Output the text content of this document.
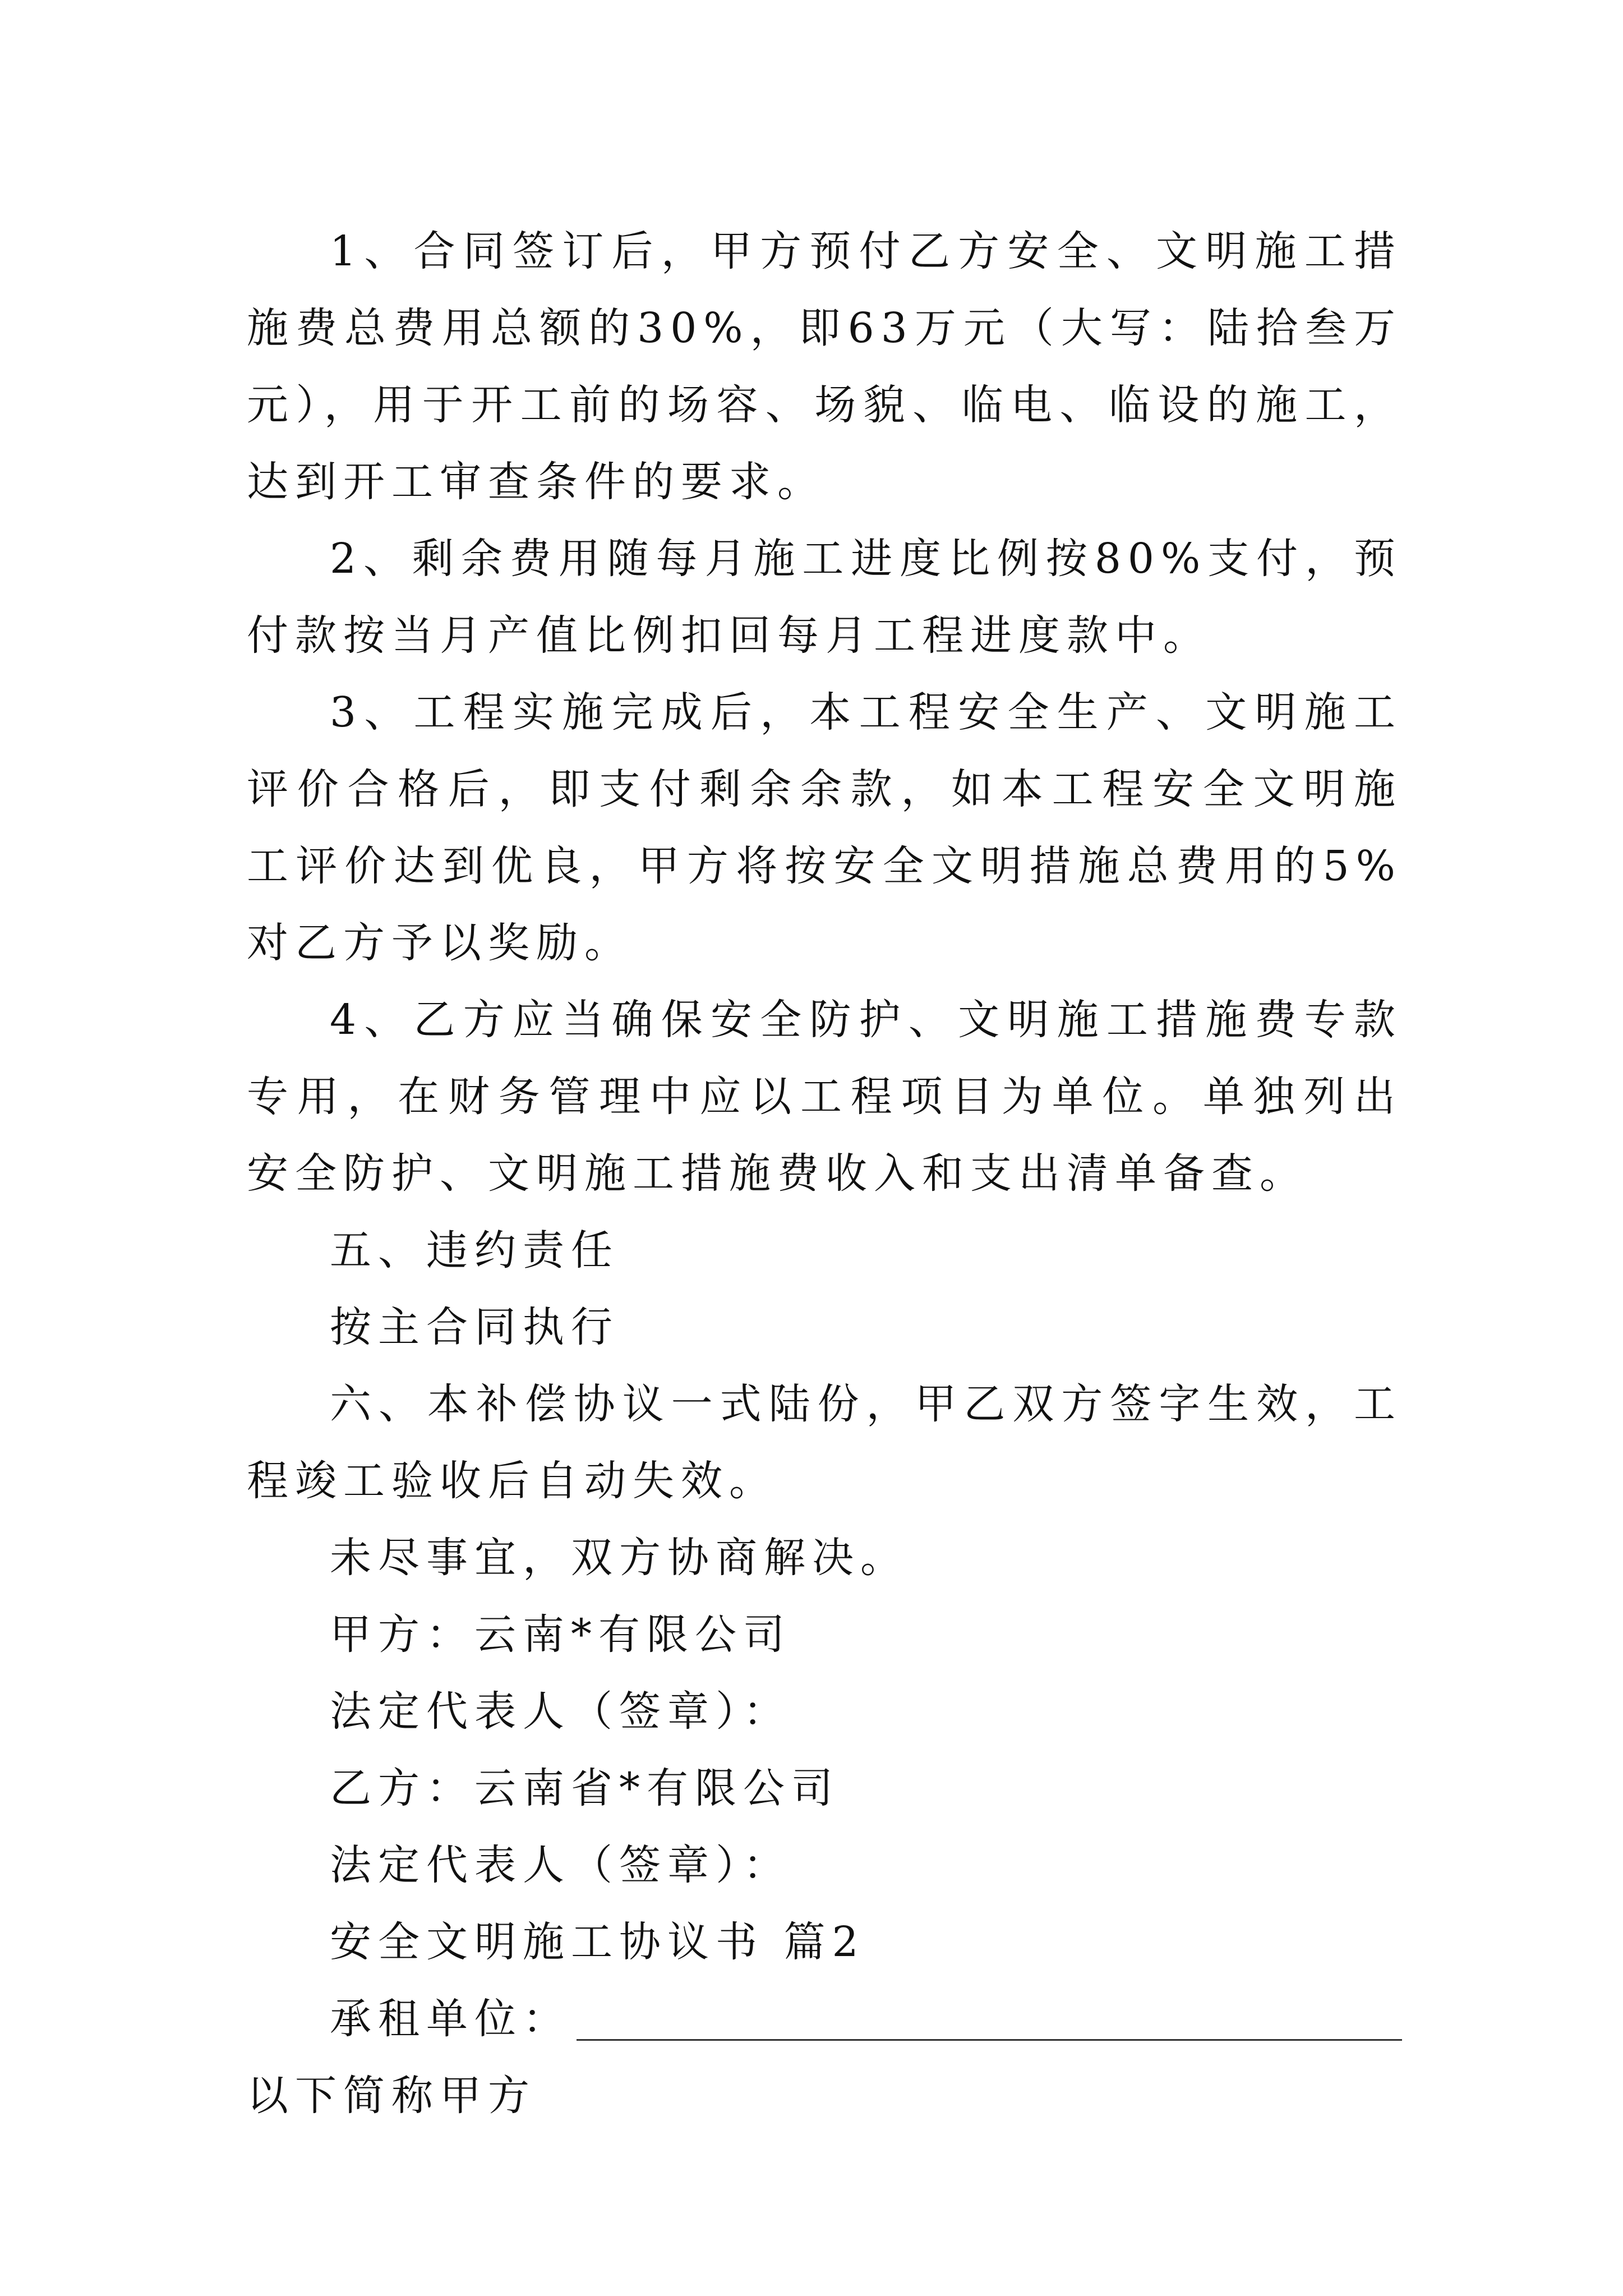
1、合同签订后，甲方预付乙方安全、文明施工措施费总费用总额的30%，即63万元（大写：陆拾叁万元），用于开工前的场容、场貌、临电、临设的施工，达到开工审查条件的要求。

2、剩余费用随每月施工进度比例按80%支付，预付款按当月产值比例扣回每月工程进度款中。

3、工程实施完成后，本工程安全生产、文明施工评价合格后，即支付剩余余款，如本工程安全文明施工评价达到优良，甲方将按安全文明措施总费用的5%对乙方予以奖励。

4、乙方应当确保安全防护、文明施工措施费专款专用，在财务管理中应以工程项目为单位。单独列出安全防护、文明施工措施费收入和支出清单备查。

五、违约责任

按主合同执行

六、本补偿协议一式陆份，甲乙双方签字生效，工程竣工验收后自动失效。

未尽事宜，双方协商解决。

甲方：云南*有限公司

法定代表人（签章）：

乙方：云南省*有限公司

法定代表人（签章）：

安全文明施工协议书 篇2

承租单位：

以下简称甲方
